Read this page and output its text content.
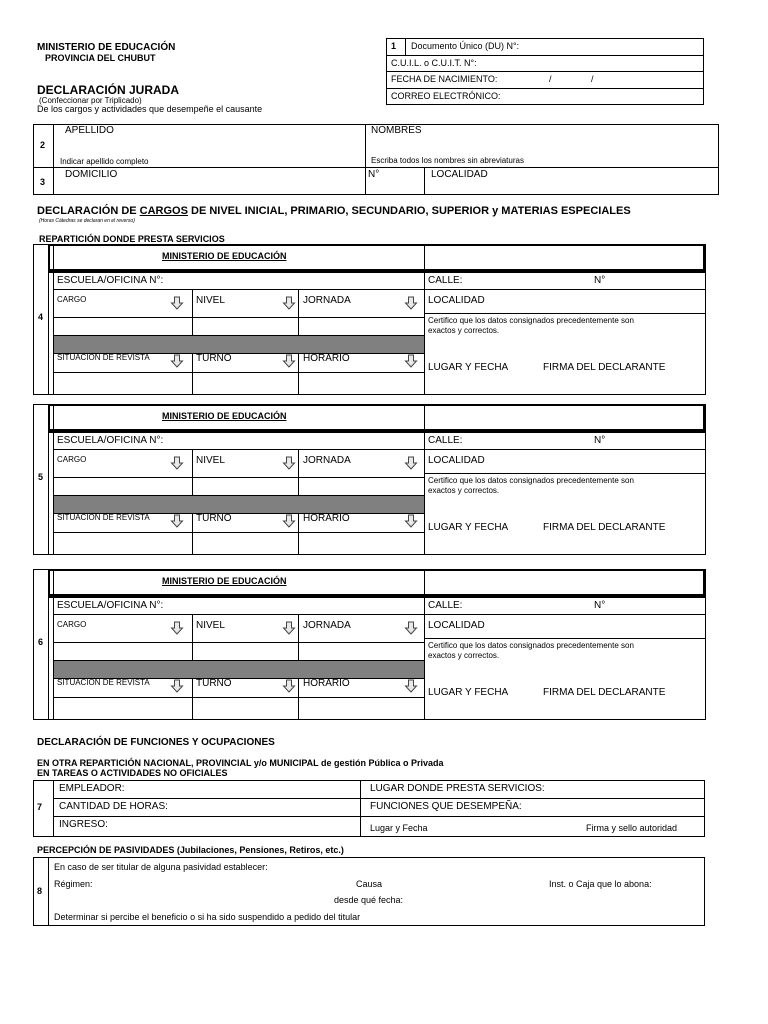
MINISTERIO DE EDUCACIÓN
PROVINCIA DEL CHUBUT
DECLARACIÓN JURADA
(Confeccionar por Triplicado)
De los cargos y actividades que desempeñe el causante
1 Documento Único (DU) N°:
C.U.I.L. o C.U.I.T. N°:
FECHA DE NACIMIENTO:	/	/
CORREO ELECTRÓNICO:
2
3
APELLIDO
Indicar apellido completo
NOMBRES
Escriba todos los nombres sin abreviaturas
DOMICILIO	N°	LOCALIDAD
DECLARACIÓN DE CARGOS DE NIVEL INICIAL, PRIMARIO, SECUNDARIO, SUPERIOR y MATERIAS ESPECIALES
(Horas Cátedras se declaran en el reverso)
REPARTICIÓN DONDE PRESTA SERVICIOS
4
MINISTERIO DE EDUCACIÓN
ESCUELA/OFICINA N°:
CARGO	NIVEL	JORNADA
SITUACION DE REVISTA	TURNO	HORARIO
CALLE:	N°
LOCALIDAD
Certifico que los datos consignados precedentemente son
exactos y correctos.
LUGAR Y FECHA	FIRMA DEL DECLARANTE
5
MINISTERIO DE EDUCACIÓN
ESCUELA/OFICINA N°:
CARGO	NIVEL	JORNADA
SITUACION DE REVISTA	TURNO	HORARIO
CALLE:	N°
LOCALIDAD
Certifico que los datos consignados precedentemente son
exactos y correctos.
LUGAR Y FECHA	FIRMA DEL DECLARANTE
6
MINISTERIO DE EDUCACIÓN
ESCUELA/OFICINA N°:
CARGO	NIVEL	JORNADA
SITUACION DE REVISTA	TURNO	HORARIO
CALLE:	N°
LOCALIDAD
Certifico que los datos consignados precedentemente son
exactos y correctos.
LUGAR Y FECHA	FIRMA DEL DECLARANTE
DECLARACIÓN DE FUNCIONES Y OCUPACIONES
EN OTRA REPARTICIÓN NACIONAL, PROVINCIAL y/o MUNICIPAL de gestión Pública o Privada
EN TAREAS O ACTIVIDADES NO OFICIALES
7
EMPLEADOR:
CANTIDAD DE HORAS:
INGRESO:
LUGAR DONDE PRESTA SERVICIOS:
FUNCIONES QUE DESEMPEÑA:
Lugar y Fecha	Firma y sello autoridad
PERCEPCIÓN DE PASIVIDADES (Jubilaciones, Pensiones, Retiros, etc.)
8
En caso de ser titular de alguna pasividad establecer:
Régimen:	Causa	Inst. o Caja que lo abona:
desde qué fecha:
Determinar si percibe el beneficio o si ha sido suspendido a pedido del titular
